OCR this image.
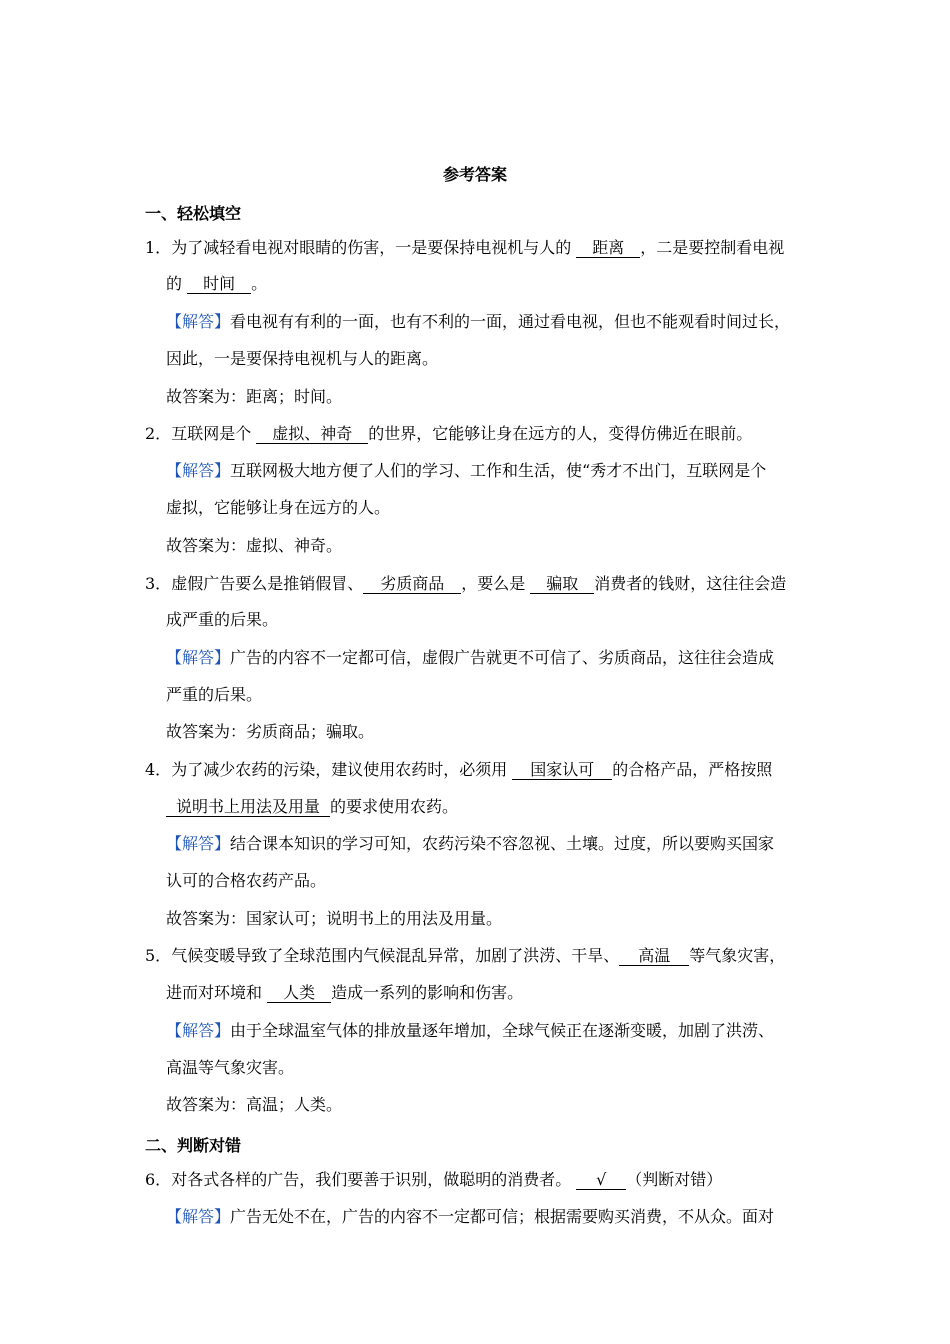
参考答案
一、轻松填空
1．为了减轻看电视对眼睛的伤害，一是要保持电视机与人的 距离 ，二是要控制看电视
的 时间 。
【解答】看电视有有利的一面，也有不利的一面，通过看电视，但也不能观看时间过长，
因此，一是要保持电视机与人的距离。
故答案为：距离；时间。
2．互联网是个 虚拟、神奇 的世界，它能够让身在远方的人，变得仿佛近在眼前。
【解答】互联网极大地方便了人们的学习、工作和生活，使“秀才不出门，互联网是个
虚拟，它能够让身在远方的人。
故答案为：虚拟、神奇。
3．虚假广告要么是推销假冒、 劣质商品 ，要么是 骗取 消费者的钱财，这往往会造
成严重的后果。
【解答】广告的内容不一定都可信，虚假广告就更不可信了、劣质商品，这往往会造成
严重的后果。
故答案为：劣质商品；骗取。
4．为了减少农药的污染，建议使用农药时，必须用 国家认可 的合格产品，严格按照
说明书上用法及用量 的要求使用农药。
【解答】结合课本知识的学习可知，农药污染不容忽视、土壤。过度，所以要购买国家
认可的合格农药产品。
故答案为：国家认可；说明书上的用法及用量。
5．气候变暖导致了全球范围内气候混乱异常，加剧了洪涝、干旱、 高温 等气象灾害，
进而对环境和 人类 造成一系列的影响和伤害。
【解答】由于全球温室气体的排放量逐年增加，全球气候正在逐渐变暖，加剧了洪涝、
高温等气象灾害。
故答案为：高温；人类。
二、判断对错
6．对各式各样的广告，我们要善于识别，做聪明的消费者。 √ （判断对错）
【解答】广告无处不在，广告的内容不一定都可信；根据需要购买消费，不从众。面对
